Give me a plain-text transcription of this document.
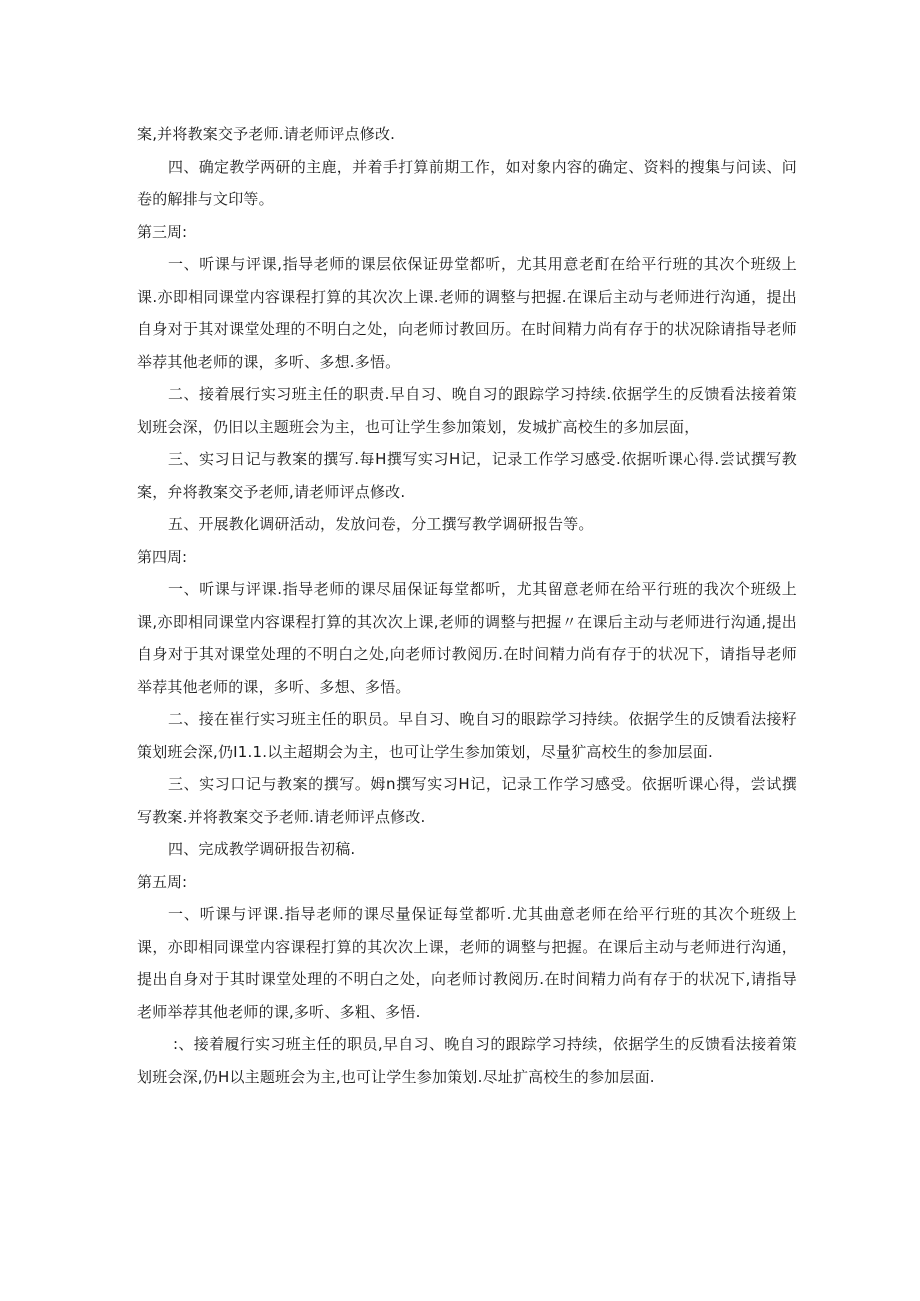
案,并将教案交予老师.请老师评点修改.

四、确定教学两研的主鹿，并着手打算前期工作，如对象内容的确定、资料的搜集与问读、问卷的解排与文印等。

第三周:

一、听课与评课,指导老师的课层依保证毋堂都听，尤其用意老酊在给平行班的其次个班级上课.亦即相同课堂内容课程打算的其次次上课.老师的调整与把握.在课后主动与老师进行沟通，提出自身对于其对课堂处理的不明白之处，向老师讨教回历。在时间精力尚有存于的状况除请指导老师举荐其他老师的课，多听、多想.多悟。

二、接着展行实习班主任的职责.早自习、晚自习的跟踪学习持续.依据学生的反馈看法接着策划班会深，仍旧以主题班会为主，也可让学生参加策划，发城扩高校生的多加层面，

三、实习日记与教案的撰写.每H撰写实习H记，记录工作学习感受.依据听课心得.尝试撰写教案，弁将教案交予老师,请老师评点修改.

五、开展教化调研活动，发放问卷，分工撰写教学调研报告等。

第四周:

一、听课与评课.指导老师的课尽届保证每堂都听，尤其留意老师在给平行班的我次个班级上课,亦即相同课堂内容课程打算的其次次上课,老师的调整与把握〃在课后主动与老师进行沟通,提出自身对于其对课堂处理的不明白之处,向老师讨教阅历.在时间精力尚有存于的状况下，请指导老师举荐其他老师的课，多听、多想、多悟。

二、接在崔行实习班主任的职员。早自习、晚自习的眼踪学习持续。依据学生的反馈看法接籽策划班会深,仍I1.1.以主超期会为主，也可让学生参加策划，尽量犷高校生的参加层面.

三、实习口记与教案的撰写。姆n撰写实习H记，记录工作学习感受。依据听课心得，尝试撰写教案.并将教案交予老师.请老师评点修改.

四、完成教学调研报告初稿.

第五周:

一、听课与评课.指导老师的课尽量保证每堂都听.尤其曲意老师在给平行班的其次个班级上课，亦即相同课堂内容课程打算的其次次上课，老师的调整与把握。在课后主动与老师进行沟通，提出自身对于其时课堂处理的不明白之处，向老师讨教阅历.在时间精力尚有存于的状况下,请指导老师举荐其他老师的课,多听、多粗、多悟.

:、接着履行实习班主任的职员,早自习、晚自习的跟踪学习持续，依据学生的反馈看法接着策划班会深,仍H以主题班会为主,也可让学生参加策划.尽址扩高校生的参加层面.
